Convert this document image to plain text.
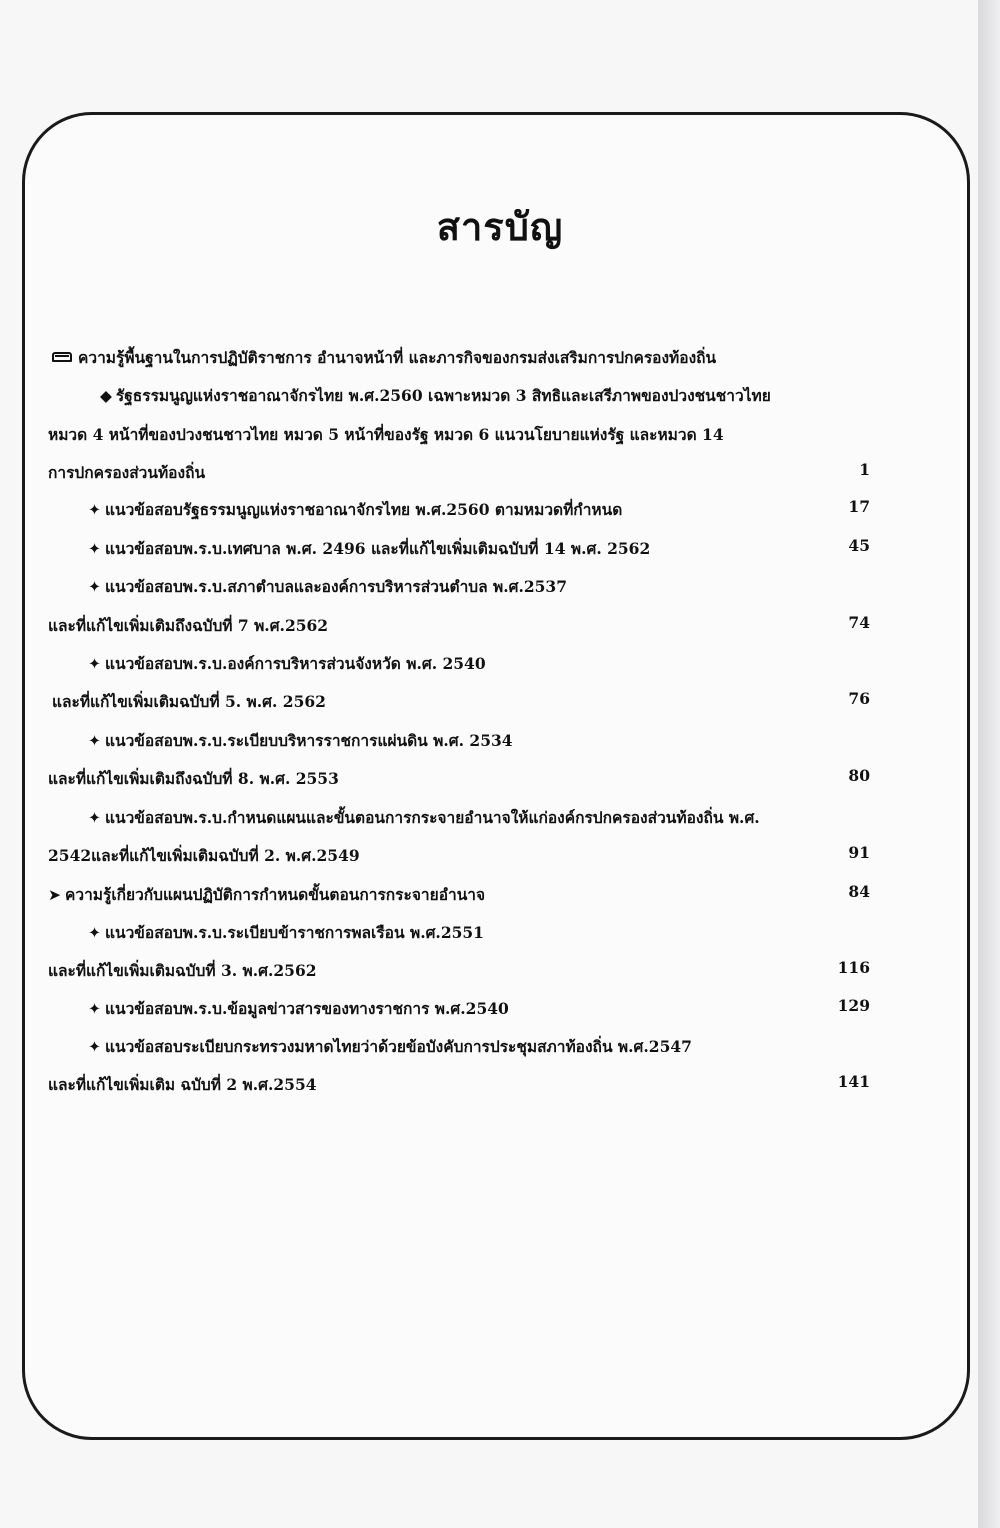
สารบัญ
ความรู้พื้นฐานในการปฏิบัติราชการ อำนาจหน้าที่ และภารกิจของกรมส่งเสริมการปกครองท้องถิ่น
◆ รัฐธรรมนูญแห่งราชอาณาจักรไทย พ.ศ.2560 เฉพาะหมวด 3 สิทธิและเสรีภาพของปวงชนชาวไทย
หมวด 4 หน้าที่ของปวงชนชาวไทย หมวด 5 หน้าที่ของรัฐ หมวด 6 แนวนโยบายแห่งรัฐ และหมวด 14
การปกครองส่วนท้องถิ่น	1
✦ แนวข้อสอบรัฐธรรมนูญแห่งราชอาณาจักรไทย พ.ศ.2560 ตามหมวดที่กำหนด	17
✦ แนวข้อสอบพ.ร.บ.เทศบาล พ.ศ. 2496 และที่แก้ไขเพิ่มเติมฉบับที่ 14 พ.ศ. 2562	45
✦ แนวข้อสอบพ.ร.บ.สภาตำบลและองค์การบริหารส่วนตำบล พ.ศ.2537
และที่แก้ไขเพิ่มเติมถึงฉบับที่ 7 พ.ศ.2562	74
✦ แนวข้อสอบพ.ร.บ.องค์การบริหารส่วนจังหวัด พ.ศ. 2540
และที่แก้ไขเพิ่มเติมฉบับที่ 5. พ.ศ. 2562	76
✦ แนวข้อสอบพ.ร.บ.ระเบียบบริหารราชการแผ่นดิน พ.ศ. 2534
และที่แก้ไขเพิ่มเติมถึงฉบับที่ 8. พ.ศ. 2553	80
✦ แนวข้อสอบพ.ร.บ.กำหนดแผนและขั้นตอนการกระจายอำนาจให้แก่องค์กรปกครองส่วนท้องถิ่น พ.ศ.
2542และที่แก้ไขเพิ่มเติมฉบับที่ 2. พ.ศ.2549	91
➤ ความรู้เกี่ยวกับแผนปฏิบัติการกำหนดขั้นตอนการกระจายอำนาจ	84
✦ แนวข้อสอบพ.ร.บ.ระเบียบข้าราชการพลเรือน พ.ศ.2551
และที่แก้ไขเพิ่มเติมฉบับที่ 3. พ.ศ.2562	116
✦ แนวข้อสอบพ.ร.บ.ข้อมูลข่าวสารของทางราชการ พ.ศ.2540	129
✦ แนวข้อสอบระเบียบกระทรวงมหาดไทยว่าด้วยข้อบังคับการประชุมสภาท้องถิ่น พ.ศ.2547
และที่แก้ไขเพิ่มเติม ฉบับที่ 2 พ.ศ.2554	141
